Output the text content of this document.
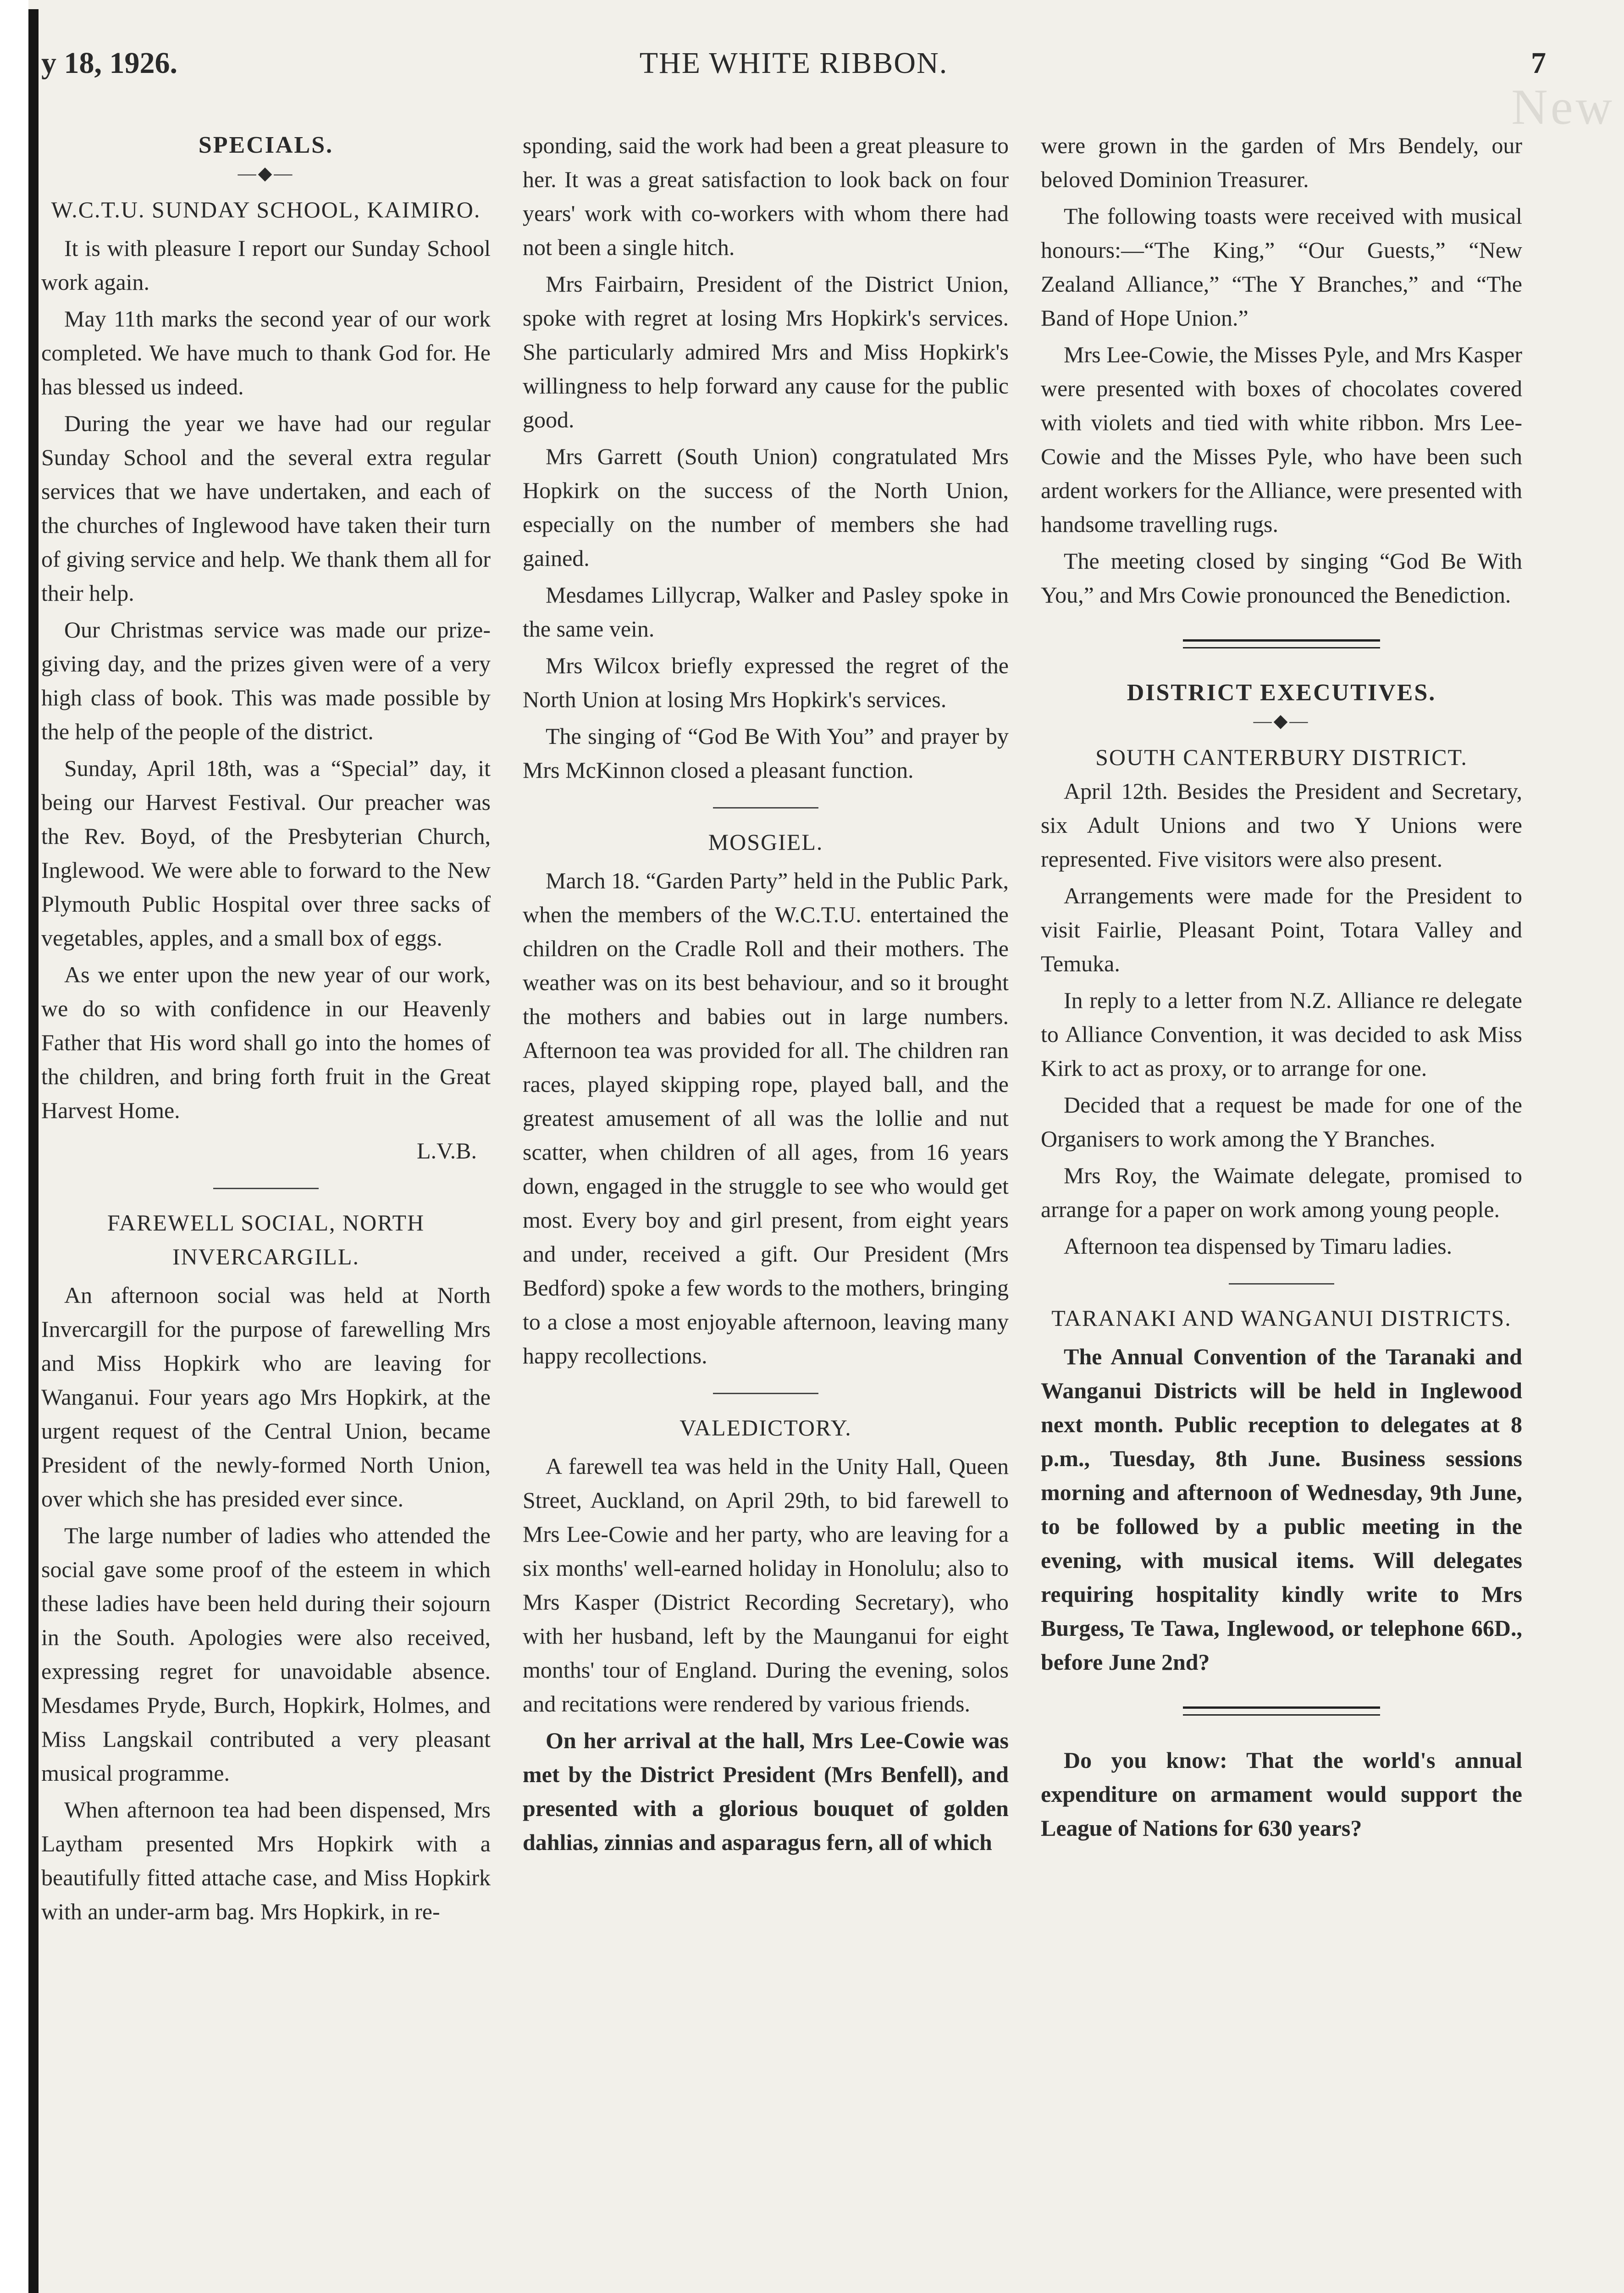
New
y 18, 1926.	THE WHITE RIBBON.	7
SPECIALS.
—◆—
W.C.T.U. SUNDAY SCHOOL, KAIMIRO.

It is with pleasure I report our Sunday School work again.

May 11th marks the second year of our work completed. We have much to thank God for. He has blessed us indeed.

During the year we have had our regular Sunday School and the several extra regular services that we have undertaken, and each of the churches of Inglewood have taken their turn of giving service and help. We thank them all for their help.

Our Christmas service was made our prize-giving day, and the prizes given were of a very high class of book. This was made possible by the help of the people of the district.

Sunday, April 18th, was a “Special” day, it being our Harvest Festival. Our preacher was the Rev. Boyd, of the Presbyterian Church, Inglewood. We were able to forward to the New Plymouth Public Hospital over three sacks of vegetables, apples, and a small box of eggs.

As we enter upon the new year of our work, we do so with confidence in our Heavenly Father that His word shall go into the homes of the children, and bring forth fruit in the Great Harvest Home.

L.V.B.
FAREWELL SOCIAL, NORTH INVERCARGILL.

An afternoon social was held at North Invercargill for the purpose of farewelling Mrs and Miss Hopkirk who are leaving for Wanganui. Four years ago Mrs Hopkirk, at the urgent request of the Central Union, became President of the newly-formed North Union, over which she has presided ever since.

The large number of ladies who attended the social gave some proof of the esteem in which these ladies have been held during their sojourn in the South. Apologies were also received, expressing regret for unavoidable absence. Mesdames Pryde, Burch, Hopkirk, Holmes, and Miss Langskail contributed a very pleasant musical programme.

When afternoon tea had been dispensed, Mrs Laytham presented Mrs Hopkirk with a beautifully fitted attache case, and Miss Hopkirk with an under-arm bag. Mrs Hopkirk, in re-

sponding, said the work had been a great pleasure to her. It was a great satisfaction to look back on four years' work with co-workers with whom there had not been a single hitch.

Mrs Fairbairn, President of the District Union, spoke with regret at losing Mrs Hopkirk's services. She particularly admired Mrs and Miss Hopkirk's willingness to help forward any cause for the public good.

Mrs Garrett (South Union) congratulated Mrs Hopkirk on the success of the North Union, especially on the number of members she had gained.

Mesdames Lillycrap, Walker and Pasley spoke in the same vein.

Mrs Wilcox briefly expressed the regret of the North Union at losing Mrs Hopkirk's services.

The singing of “God Be With You” and prayer by Mrs McKinnon closed a pleasant function.

MOSGIEL.

March 18. “Garden Party” held in the Public Park, when the members of the W.C.T.U. entertained the children on the Cradle Roll and their mothers. The weather was on its best behaviour, and so it brought the mothers and babies out in large numbers. Afternoon tea was provided for all. The children ran races, played skipping rope, played ball, and the greatest amusement of all was the lollie and nut scatter, when children of all ages, from 16 years down, engaged in the struggle to see who would get most. Every boy and girl present, from eight years and under, received a gift. Our President (Mrs Bedford) spoke a few words to the mothers, bringing to a close a most enjoyable afternoon, leaving many happy recollections.

VALEDICTORY.

A farewell tea was held in the Unity Hall, Queen Street, Auckland, on April 29th, to bid farewell to Mrs Lee-Cowie and her party, who are leaving for a six months' well-earned holiday in Honolulu; also to Mrs Kasper (District Recording Secretary), who with her husband, left by the Maunganui for eight months' tour of England. During the evening, solos and recitations were rendered by various friends.

On her arrival at the hall, Mrs Lee-Cowie was met by the District President (Mrs Benfell), and presented with a glorious bouquet of golden dahlias, zinnias and asparagus fern, all of which

were grown in the garden of Mrs Bendely, our beloved Dominion Treasurer.

The following toasts were received with musical honours:—“The King,” “Our Guests,” “New Zealand Alliance,” “The Y Branches,” and “The Band of Hope Union.”

Mrs Lee-Cowie, the Misses Pyle, and Mrs Kasper were presented with boxes of chocolates covered with violets and tied with white ribbon. Mrs Lee-Cowie and the Misses Pyle, who have been such ardent workers for the Alliance, were presented with handsome travelling rugs.

The meeting closed by singing “God Be With You,” and Mrs Cowie pronounced the Benediction.

DISTRICT EXECUTIVES.
—◆—
SOUTH CANTERBURY DISTRICT.

April 12th. Besides the President and Secretary, six Adult Unions and two Y Unions were represented. Five visitors were also present.

Arrangements were made for the President to visit Fairlie, Pleasant Point, Totara Valley and Temuka.

In reply to a letter from N.Z. Alliance re delegate to Alliance Convention, it was decided to ask Miss Kirk to act as proxy, or to arrange for one.

Decided that a request be made for one of the Organisers to work among the Y Branches.

Mrs Roy, the Waimate delegate, promised to arrange for a paper on work among young people.

Afternoon tea dispensed by Timaru ladies.

TARANAKI AND WANGANUI DISTRICTS.

The Annual Convention of the Taranaki and Wanganui Districts will be held in Inglewood next month. Public reception to delegates at 8 p.m., Tuesday, 8th June. Business sessions morning and afternoon of Wednesday, 9th June, to be followed by a public meeting in the evening, with musical items. Will delegates requiring hospitality kindly write to Mrs Burgess, Te Tawa, Inglewood, or telephone 66D., before June 2nd?

Do you know: That the world's annual expenditure on armament would support the League of Nations for 630 years?
